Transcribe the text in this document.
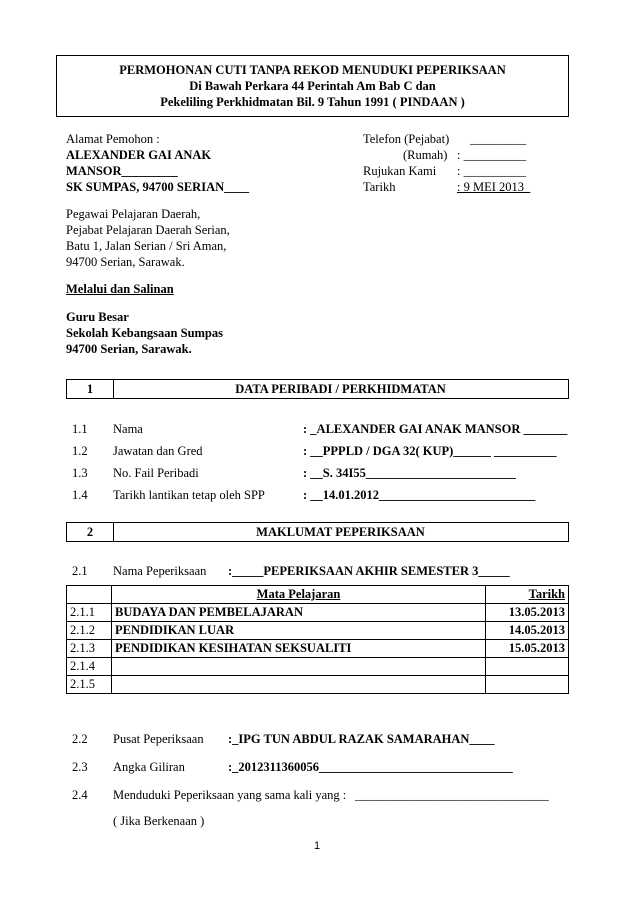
PERMOHONAN CUTI TANPA REKOD MENUDUKI PEPERIKSAAN
Di Bawah Perkara 44 Perintah Am Bab C dan
Pekeliling Perkhidmatan Bil. 9 Tahun 1991 ( PINDAAN )
Alamat Pemohon :
ALEXANDER GAI ANAK
MANSOR_________
SK SUMPAS, 94700 SERIAN____
Telefon (Pejabat) _________
(Rumah) : __________
Rujukan Kami : __________
Tarikh	: 9 MEI 2013_
Pegawai Pelajaran Daerah,
Pejabat Pelajaran Daerah Serian,
Batu 1, Jalan Serian / Sri Aman,
94700 Serian, Sarawak.
Melalui dan Salinan
Guru Besar
Sekolah Kebangsaan Sumpas
94700 Serian, Sarawak.
1	DATA PERIBADI / PERKHIDMATAN
1.1 Nama	: _ALEXANDER GAI ANAK MANSOR _______
1.2 Jawatan dan Gred	: __PPPLD / DGA 32( KUP)______ __________
1.3 No. Fail Peribadi	: __S. 34I55________________________
1.4 Tarikh lantikan tetap oleh SPP	: __14.01.2012_________________________
2	MAKLUMAT PEPERIKSAAN
2.1 Nama Peperiksaan :_____PEPERIKSAAN AKHIR SEMESTER 3_____
	Mata Pelajaran	Tarikh
2.1.1	BUDAYA DAN PEMBELAJARAN	13.05.2013
2.1.2	PENDIDIKAN LUAR	14.05.2013
2.1.3	PENDIDIKAN KESIHATAN SEKSUALITI	15.05.2013
2.1.4		
2.1.5		
2.2 Pusat Peperiksaan :_IPG TUN ABDUL RAZAK SAMARAHAN____
2.3 Angka Giliran	:_2012311360056_______________________________
2.4 Menduduki Peperiksaan yang sama kali yang : _______________________________
( Jika Berkenaan )
1
